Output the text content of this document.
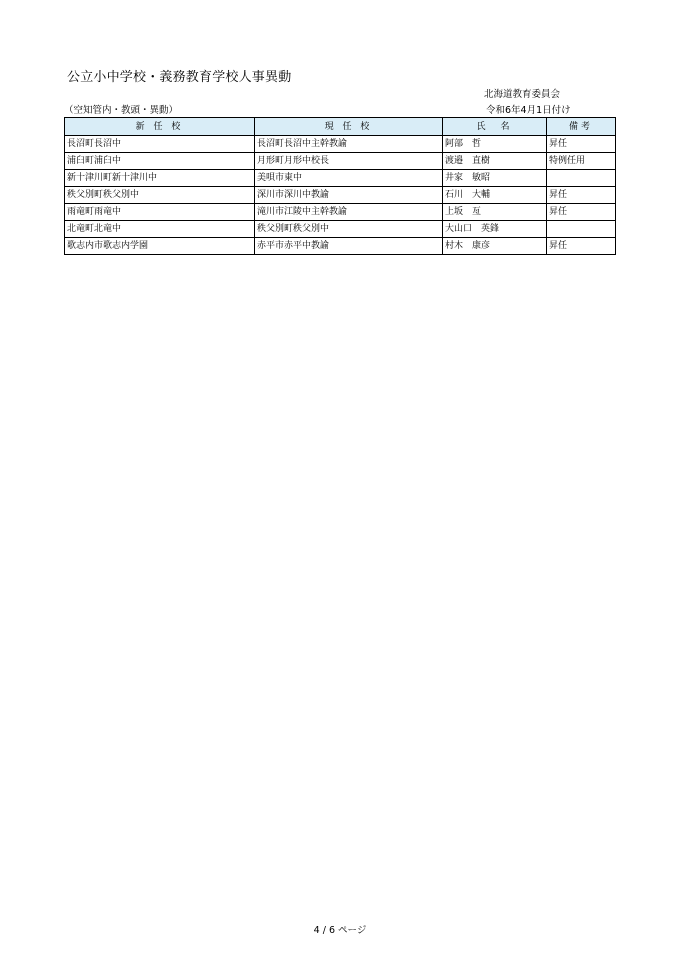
公立小中学校・義務教育学校人事異動
北海道教育委員会
（空知管内・教頭・異動）	令和6年4月1日付け
新 任 校	現 任 校	氏　名	備考
長沼町長沼中	長沼町長沼中主幹教諭	阿部　哲	昇任
浦臼町浦臼中	月形町月形中校長	渡邉　直樹	特例任用
新十津川町新十津川中	美唄市東中	井家　敏昭	
秩父別町秩父別中	深川市深川中教諭	石川　大輔	昇任
雨竜町雨竜中	滝川市江陵中主幹教諭	上坂　亙	昇任
北竜町北竜中	秩父別町秩父別中	大山口　英鋒	
歌志内市歌志内学園	赤平市赤平中教諭	村木　康彦	昇任
4 / 6 ページ
